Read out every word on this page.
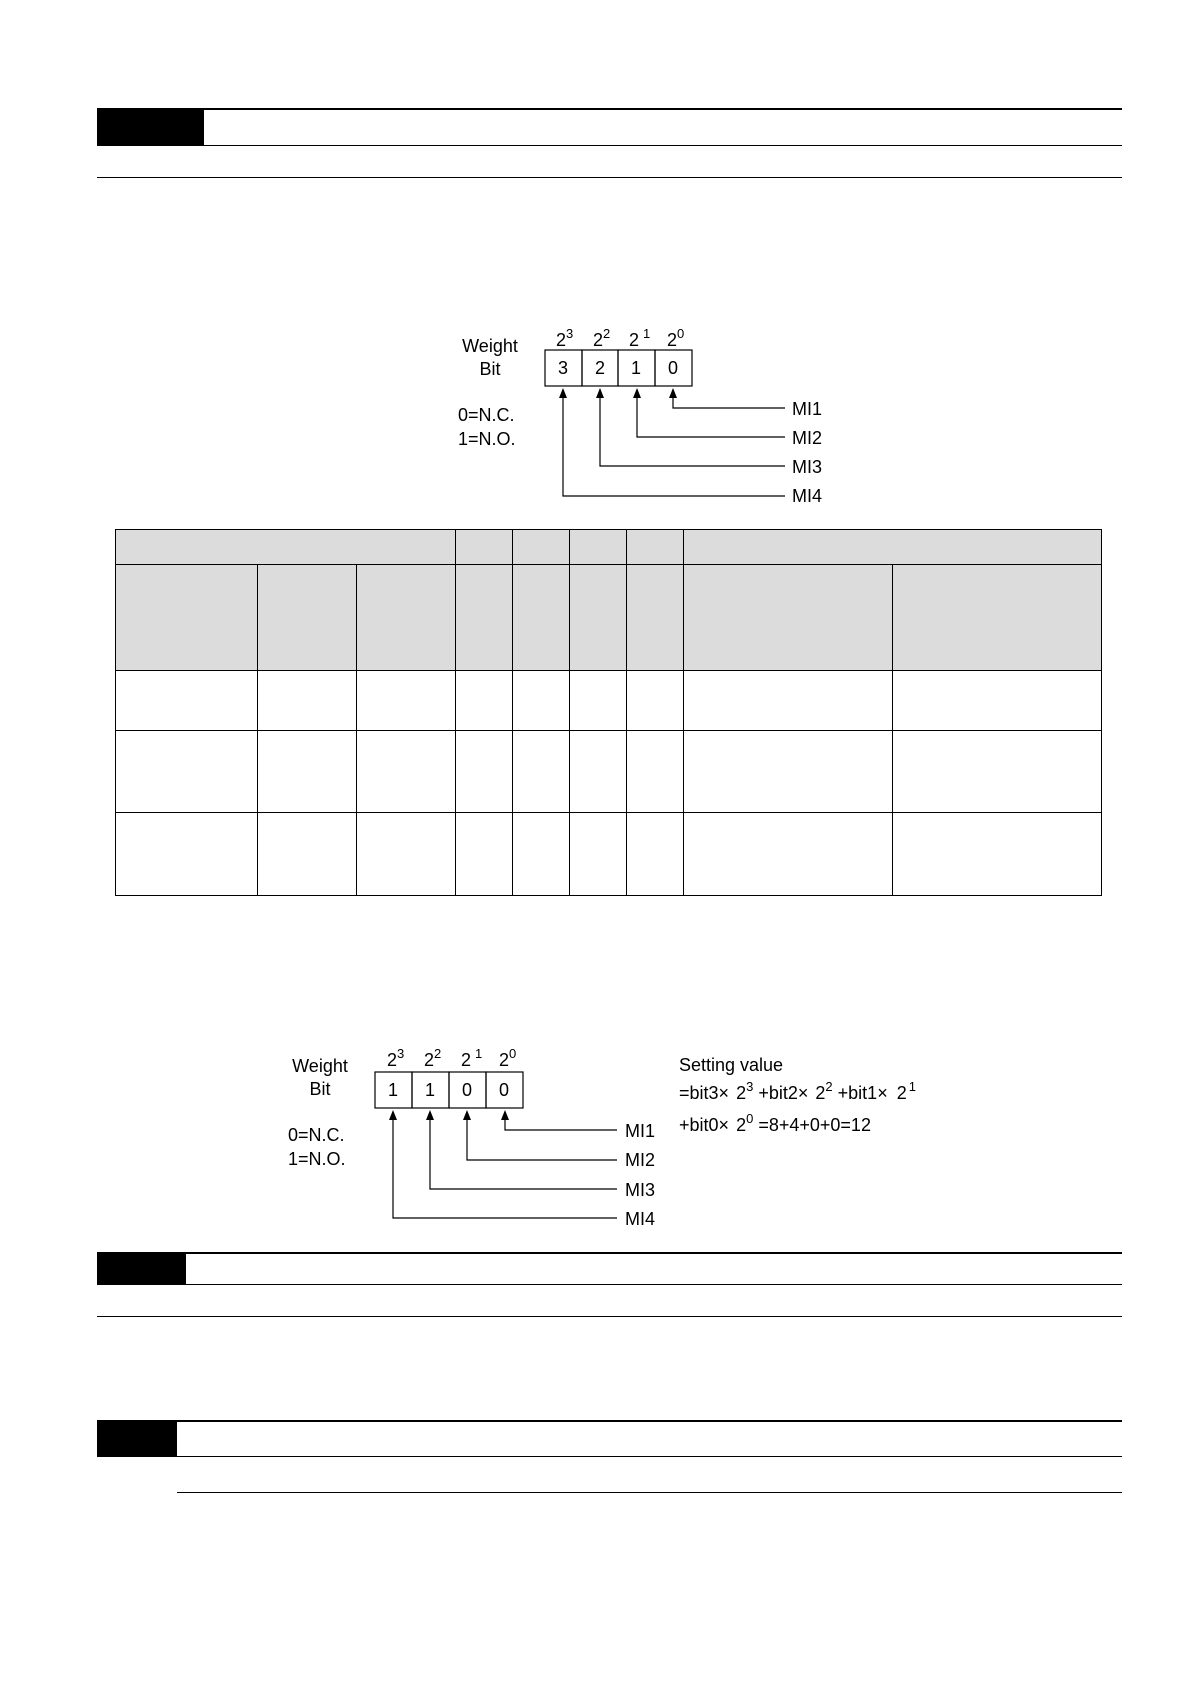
Weight
Bit
0=N.C.
1=N.O.
$2^3$ $2^2$ 2 $^1$ $2^0$
3 2 1 0
MI1
MI2
MI3
MI4

Weight
Bit
0=N.C.
1=N.O.
$2^3$ $2^2$ 2 $^1$ $2^0$
1 1 0 0
MI1
MI2
MI3
MI4
Setting value
$=bit3\times 2^3 +bit2\times 2^2 +bit1\times 2$ $^1$
$+bit0\times 2^0 =8+4+0+0=12$
